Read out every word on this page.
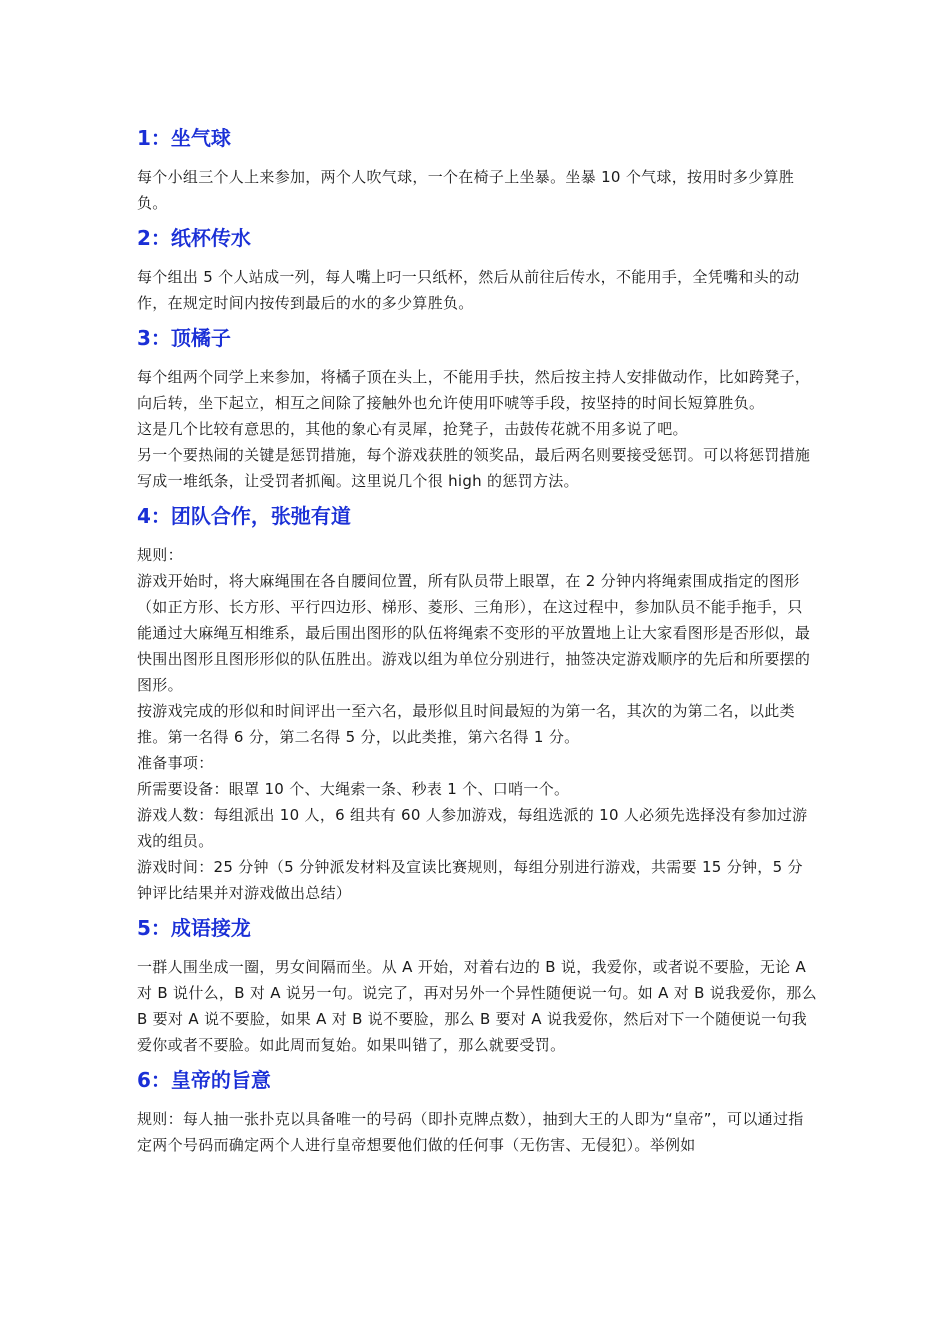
1：坐气球

每个小组三个人上来参加，两个人吹气球，一个在椅子上坐暴。坐暴 10 个气球，按用时多少算胜负。

2：纸杯传水

每个组出 5 个人站成一列，每人嘴上叼一只纸杯，然后从前往后传水，不能用手，全凭嘴和头的动作，在规定时间内按传到最后的水的多少算胜负。

3：顶橘子

每个组两个同学上来参加，将橘子顶在头上，不能用手扶，然后按主持人安排做动作，比如跨凳子，向后转，坐下起立，相互之间除了接触外也允许使用吓唬等手段，按坚持的时间长短算胜负。

这是几个比较有意思的，其他的象心有灵犀，抢凳子，击鼓传花就不用多说了吧。

另一个要热闹的关键是惩罚措施，每个游戏获胜的领奖品，最后两名则要接受惩罚。可以将惩罚措施写成一堆纸条，让受罚者抓阄。这里说几个很 high 的惩罚方法。

4：团队合作，张弛有道

规则：

游戏开始时，将大麻绳围在各自腰间位置，所有队员带上眼罩，在 2 分钟内将绳索围成指定的图形（如正方形、长方形、平行四边形、梯形、菱形、三角形），在这过程中，参加队员不能手拖手，只能通过大麻绳互相维系，最后围出图形的队伍将绳索不变形的平放置地上让大家看图形是否形似，最快围出图形且图形形似的队伍胜出。游戏以组为单位分别进行，抽签决定游戏顺序的先后和所要摆的图形。

按游戏完成的形似和时间评出一至六名，最形似且时间最短的为第一名，其次的为第二名，以此类推。第一名得 6 分，第二名得 5 分，以此类推，第六名得 1 分。

准备事项：

所需要设备：眼罩 10 个、大绳索一条、秒表 1 个、口哨一个。

游戏人数：每组派出 10 人，6 组共有 60 人参加游戏，每组选派的 10 人必须先选择没有参加过游戏的组员。

游戏时间：25 分钟（5 分钟派发材料及宣读比赛规则，每组分别进行游戏，共需要 15 分钟，5 分钟评比结果并对游戏做出总结）

5：成语接龙

一群人围坐成一圈，男女间隔而坐。从 A 开始，对着右边的 B 说，我爱你，或者说不要脸，无论 A 对 B 说什么，B 对 A 说另一句。说完了，再对另外一个异性随便说一句。如 A 对 B 说我爱你，那么 B 要对 A 说不要脸，如果 A 对 B 说不要脸，那么 B 要对 A 说我爱你，然后对下一个随便说一句我爱你或者不要脸。如此周而复始。如果叫错了，那么就要受罚。

6：皇帝的旨意

规则：每人抽一张扑克以具备唯一的号码（即扑克牌点数），抽到大王的人即为“皇帝”，可以通过指定两个号码而确定两个人进行皇帝想要他们做的任何事（无伤害、无侵犯）。举例如
